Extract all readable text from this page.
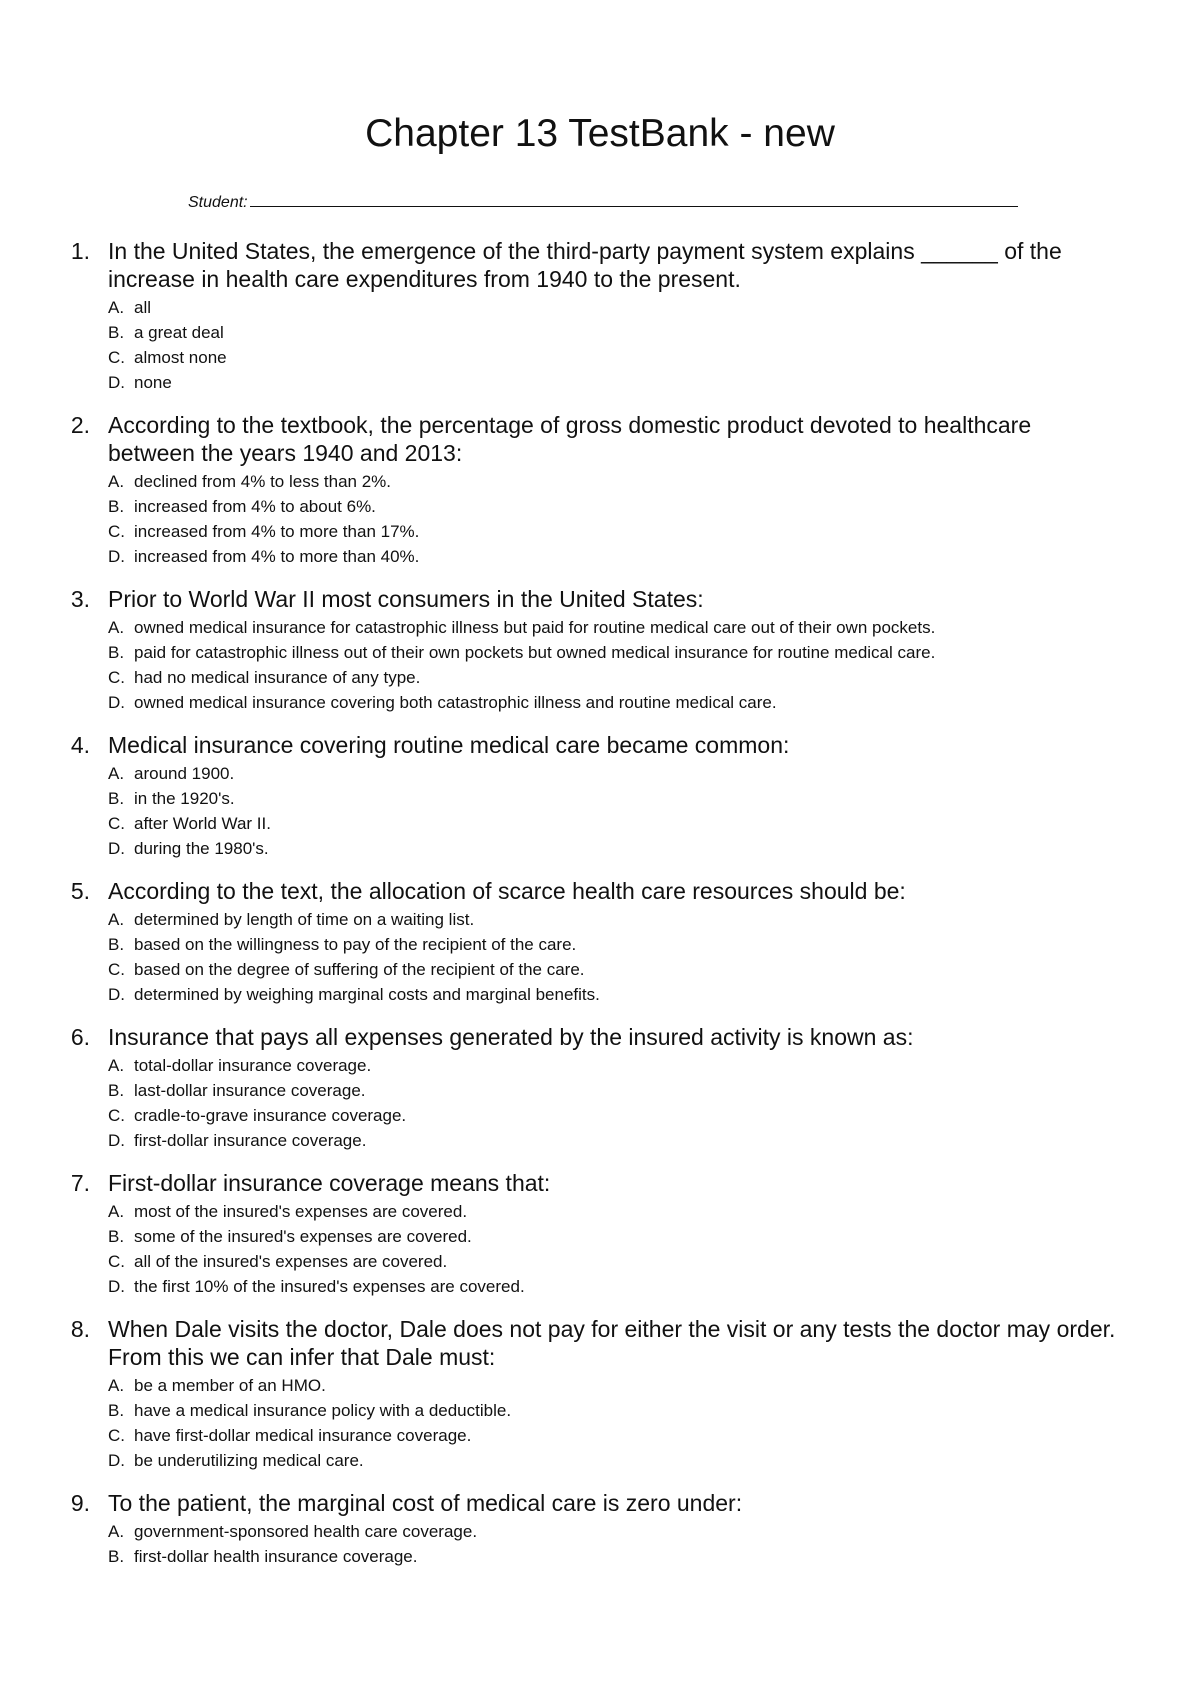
Chapter 13 TestBank - new
Student:
1. In the United States, the emergence of the third-party payment system explains ______ of the increase in health care expenditures from 1940 to the present.
A. all
B. a great deal
C. almost none
D. none
2. According to the textbook, the percentage of gross domestic product devoted to healthcare between the years 1940 and 2013:
A. declined from 4% to less than 2%.
B. increased from 4% to about 6%.
C. increased from 4% to more than 17%.
D. increased from 4% to more than 40%.
3. Prior to World War II most consumers in the United States:
A. owned medical insurance for catastrophic illness but paid for routine medical care out of their own pockets.
B. paid for catastrophic illness out of their own pockets but owned medical insurance for routine medical care.
C. had no medical insurance of any type.
D. owned medical insurance covering both catastrophic illness and routine medical care.
4. Medical insurance covering routine medical care became common:
A. around 1900.
B. in the 1920's.
C. after World War II.
D. during the 1980's.
5. According to the text, the allocation of scarce health care resources should be:
A. determined by length of time on a waiting list.
B. based on the willingness to pay of the recipient of the care.
C. based on the degree of suffering of the recipient of the care.
D. determined by weighing marginal costs and marginal benefits.
6. Insurance that pays all expenses generated by the insured activity is known as:
A. total-dollar insurance coverage.
B. last-dollar insurance coverage.
C. cradle-to-grave insurance coverage.
D. first-dollar insurance coverage.
7. First-dollar insurance coverage means that:
A. most of the insured's expenses are covered.
B. some of the insured's expenses are covered.
C. all of the insured's expenses are covered.
D. the first 10% of the insured's expenses are covered.
8. When Dale visits the doctor, Dale does not pay for either the visit or any tests the doctor may order. From this we can infer that Dale must:
A. be a member of an HMO.
B. have a medical insurance policy with a deductible.
C. have first-dollar medical insurance coverage.
D. be underutilizing medical care.
9. To the patient, the marginal cost of medical care is zero under:
A. government-sponsored health care coverage.
B. first-dollar health insurance coverage.
